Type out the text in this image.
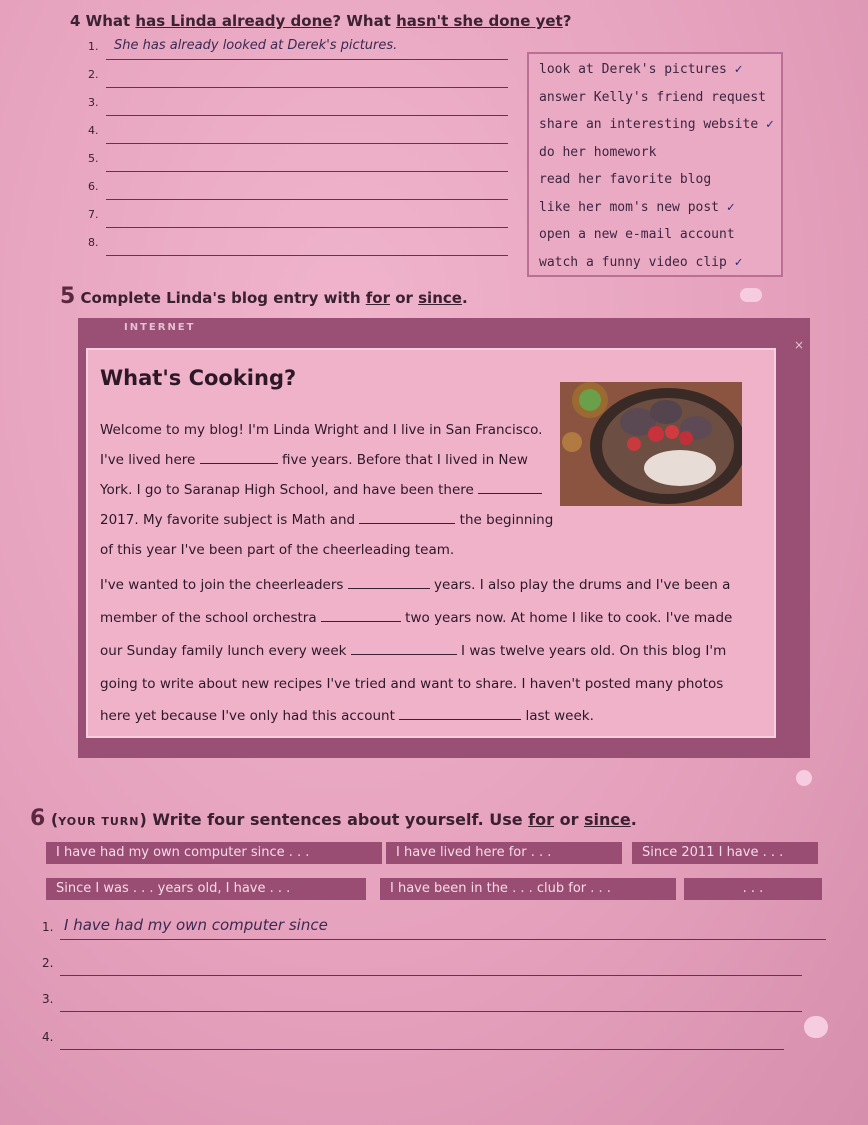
4 What has Linda already done? What hasn't she done yet?
1. She has already looked at Derek's pictures.
2.
3.
4.
5.
6.
7.
8.
look at Derek's pictures ✓
answer Kelly's friend request
share an interesting website ✓
do her homework
read her favorite blog
like her mom's new post ✓
open a new e-mail account
watch a funny video clip ✓
5 Complete Linda's blog entry with for or since.
INTERNET
×
What's Cooking?
Welcome to my blog! I'm Linda Wright and I live in San Francisco.
I've lived here	five years. Before that I lived in New
York. I go to Saranap High School, and have been there
2017. My favorite subject is Math and	the beginning
of this year I've been part of the cheerleading team.
I've wanted to join the cheerleaders	years. I also play the drums and I've been a
member of the school orchestra	two years now. At home I like to cook. I've made
our Sunday family lunch every week	I was twelve years old. On this blog I'm
going to write about new recipes I've tried and want to share. I haven't posted many photos
here yet because I've only had this account	last week.
6 (YOUR TURN) Write four sentences about yourself. Use for or since.
I have had my own computer since . . .	I have lived here for . . .	Since 2011 I have . . .
Since I was . . . years old, I have . . .	I have been in the . . . club for . . .	. . .
1. I have had my own computer since
2.
3.
4.
